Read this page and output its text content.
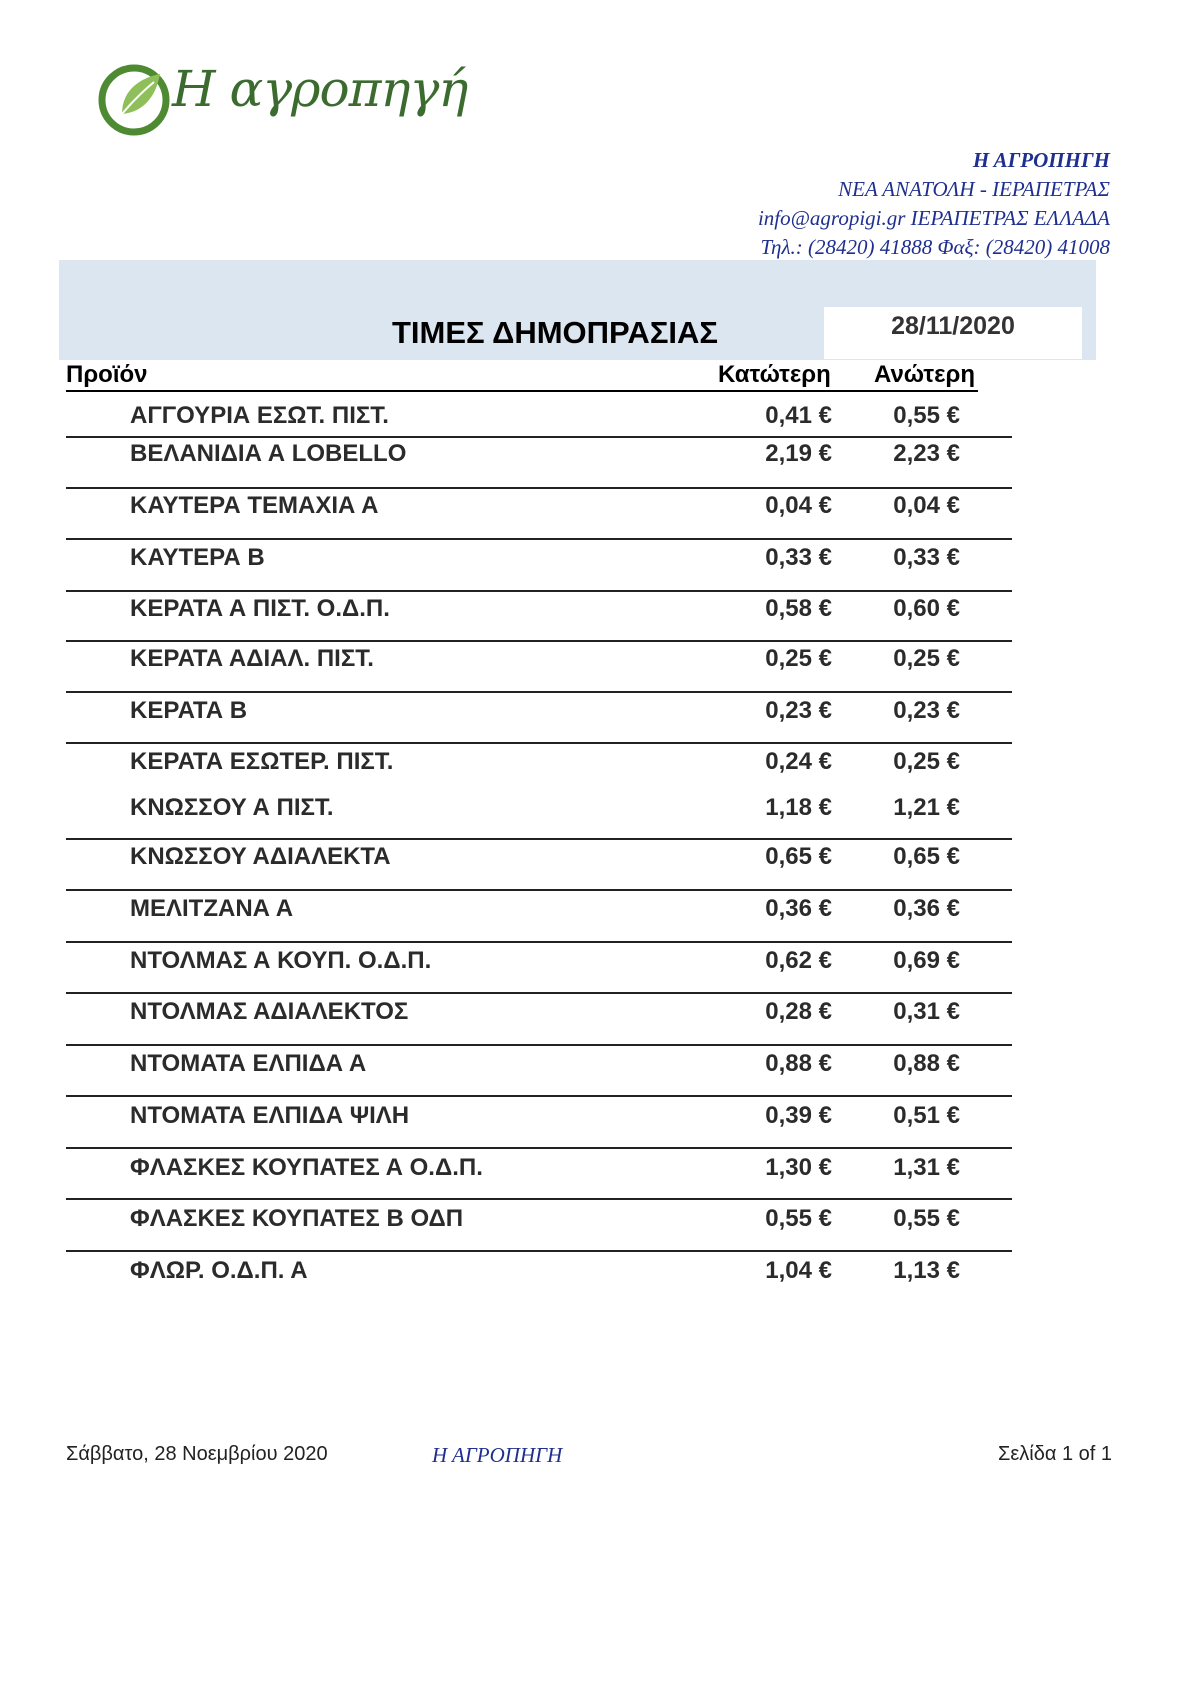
Η αγροπηγή
Η ΑΓΡΟΠΗΓΗ
ΝΕΑ ΑΝΑΤΟΛΗ - ΙΕΡΑΠΕΤΡΑΣ
info@agropigi.gr ΙΕΡΑΠΕΤΡΑΣ ΕΛΛΑΔΑ
Τηλ.: (28420) 41888 Φαξ: (28420) 41008
28/11/2020
ΤΙΜΕΣ ΔΗΜΟΠΡΑΣΙΑΣ
Προϊόν	Κατώτερη Ανώτερη
ΑΓΓΟΥΡΙΑ ΕΣΩΤ. ΠΙΣΤ.	0,41 €	0,55 €
ΒΕΛΑΝΙΔΙΑ Α LOBELLO	2,19 €	2,23 €
ΚΑΥΤΕΡΑ ΤΕΜΑΧΙΑ Α	0,04 €	0,04 €
ΚΑΥΤΕΡΑ Β	0,33 €	0,33 €
ΚΕΡΑΤΑ Α ΠΙΣΤ. Ο.Δ.Π.	0,58 €	0,60 €
ΚΕΡΑΤΑ ΑΔΙΑΛ. ΠΙΣΤ.	0,25 €	0,25 €
ΚΕΡΑΤΑ Β	0,23 €	0,23 €
ΚΕΡΑΤΑ ΕΣΩΤΕΡ. ΠΙΣΤ.	0,24 €	0,25 €
ΚΝΩΣΣΟΥ Α ΠΙΣΤ.	1,18 €	1,21 €
ΚΝΩΣΣΟΥ ΑΔΙΑΛΕΚΤΑ	0,65 €	0,65 €
ΜΕΛΙΤΖΑΝΑ Α	0,36 €	0,36 €
ΝΤΟΛΜΑΣ Α ΚΟΥΠ. Ο.Δ.Π.	0,62 €	0,69 €
ΝΤΟΛΜΑΣ ΑΔΙΑΛΕΚΤΟΣ	0,28 €	0,31 €
ΝΤΟΜΑΤΑ ΕΛΠΙΔΑ Α	0,88 €	0,88 €
ΝΤΟΜΑΤΑ ΕΛΠΙΔΑ ΨΙΛΗ	0,39 €	0,51 €
ΦΛΑΣΚΕΣ ΚΟΥΠΑΤΕΣ Α Ο.Δ.Π.	1,30 €	1,31 €
ΦΛΑΣΚΕΣ ΚΟΥΠΑΤΕΣ Β ΟΔΠ	0,55 €	0,55 €
ΦΛΩΡ. Ο.Δ.Π. Α	1,04 €	1,13 €
Σάββατο, 28 Νοεμβρίου 2020	Η ΑΓΡΟΠΗΓΗ	Σελίδα 1 of 1
